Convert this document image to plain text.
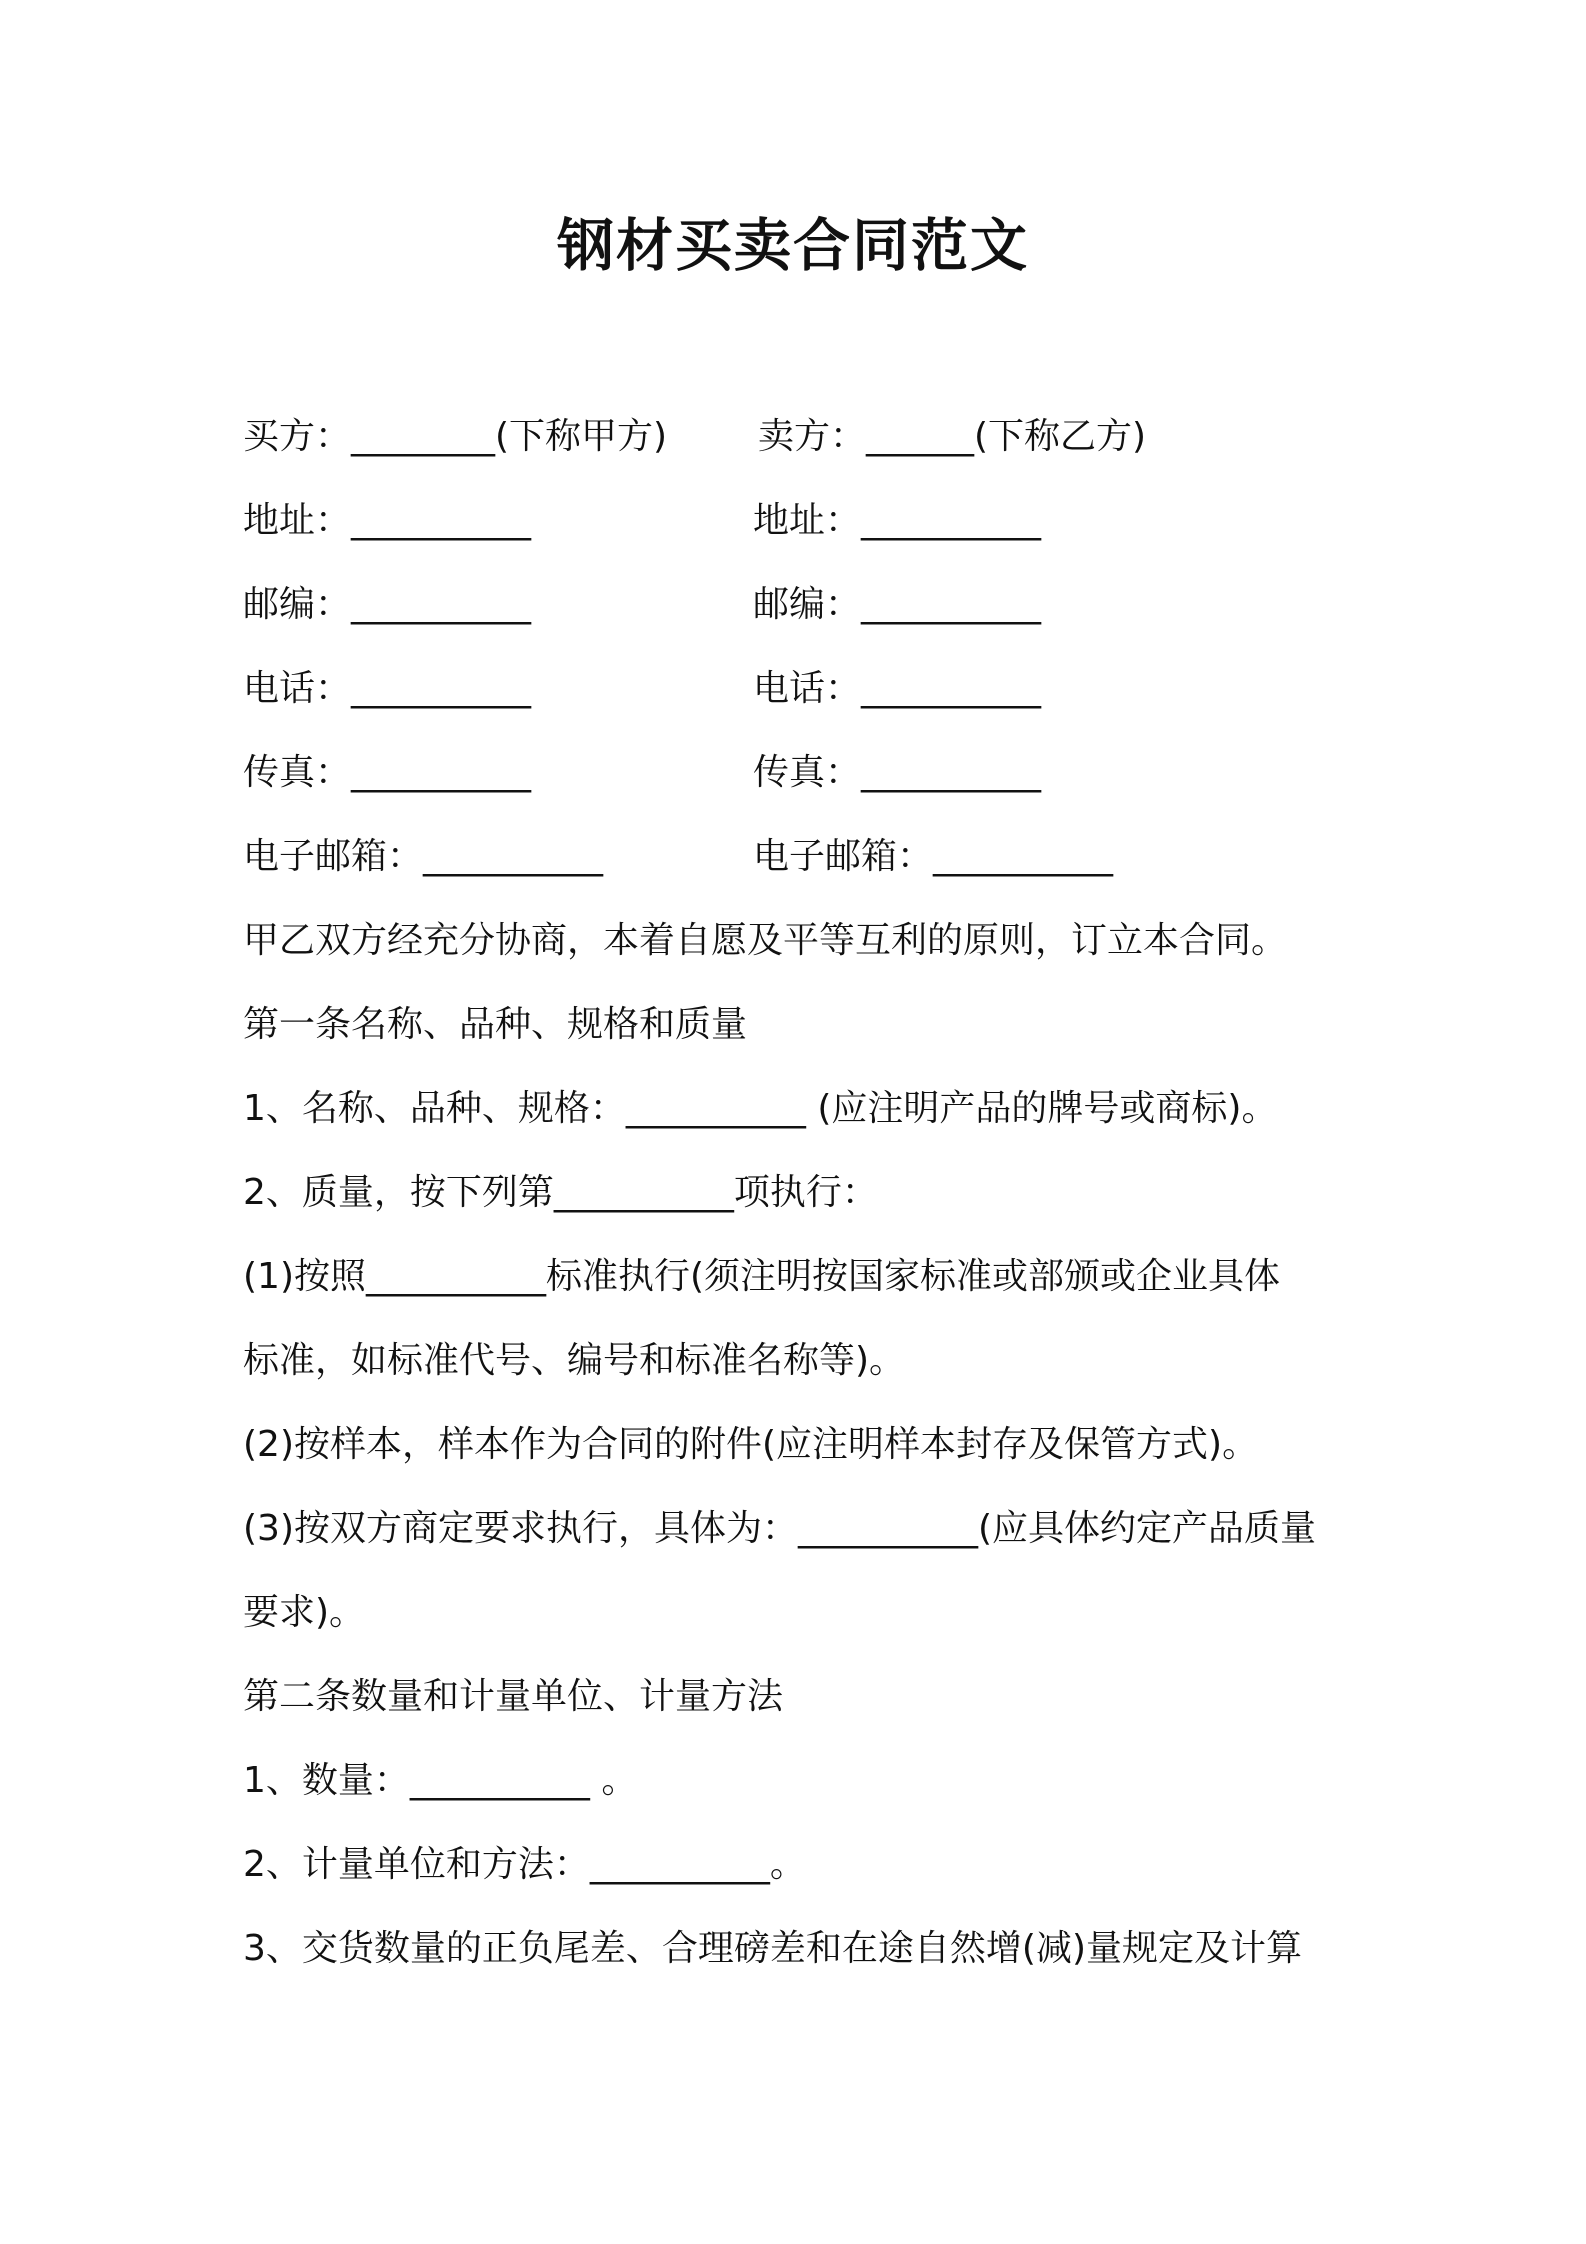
钢材买卖合同范文
买方：________(下称甲方)	卖方：______(下称乙方)
地址：__________	地址：__________
邮编：__________	邮编：__________
电话：__________	电话：__________
传真：__________	传真：__________
电子邮箱：__________	电子邮箱：__________
甲乙双方经充分协商，本着自愿及平等互利的原则，订立本合同。
第一条名称、品种、规格和质量
1、名称、品种、规格：__________ (应注明产品的牌号或商标)。
2、质量，按下列第__________项执行：
(1)按照__________标准执行(须注明按国家标准或部颁或企业具体
标准，如标准代号、编号和标准名称等)。
(2)按样本，样本作为合同的附件(应注明样本封存及保管方式)。
(3)按双方商定要求执行，具体为：__________(应具体约定产品质量
要求)。
第二条数量和计量单位、计量方法
1、数量：__________ 。
2、计量单位和方法：__________。
3、交货数量的正负尾差、合理磅差和在途自然增(减)量规定及计算
